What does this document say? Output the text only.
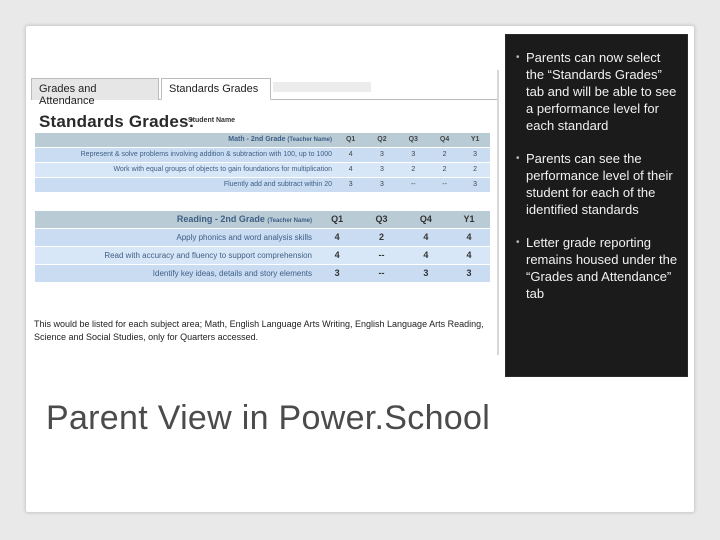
Grades and Attendance
Standards Grades
Standards Grades:
Student Name
Math - 2nd Grade (Teacher Name)	Q1	Q2	Q3	Q4	Y1
Represent & solve problems involving addition & subtraction with 100, up to 1000	4	3	3	2	3
Work with equal groups of objects to gain foundations for multiplication	4	3	2	2	2
Fluently add and subtract within 20	3	3	--	--	3
Reading - 2nd Grade (Teacher Name)	Q1	Q3	Q4	Y1
Apply phonics and word analysis skills	4	2	4	4
Read with accuracy and fluency to support comprehension	4	--	4	4
Identify key ideas, details and story elements	3	--	3	3
This would be listed for each subject area; Math, English Language Arts Writing, English Language Arts Reading, Science and Social Studies, only for Quarters accessed.
• Parents can now select the “Standards Grades” tab and will be able to see a performance level for each standard
• Parents can see the performance level of their student for each of the identified standards
• Letter grade reporting remains housed under the “Grades and Attendance” tab
Parent View in Power.School
